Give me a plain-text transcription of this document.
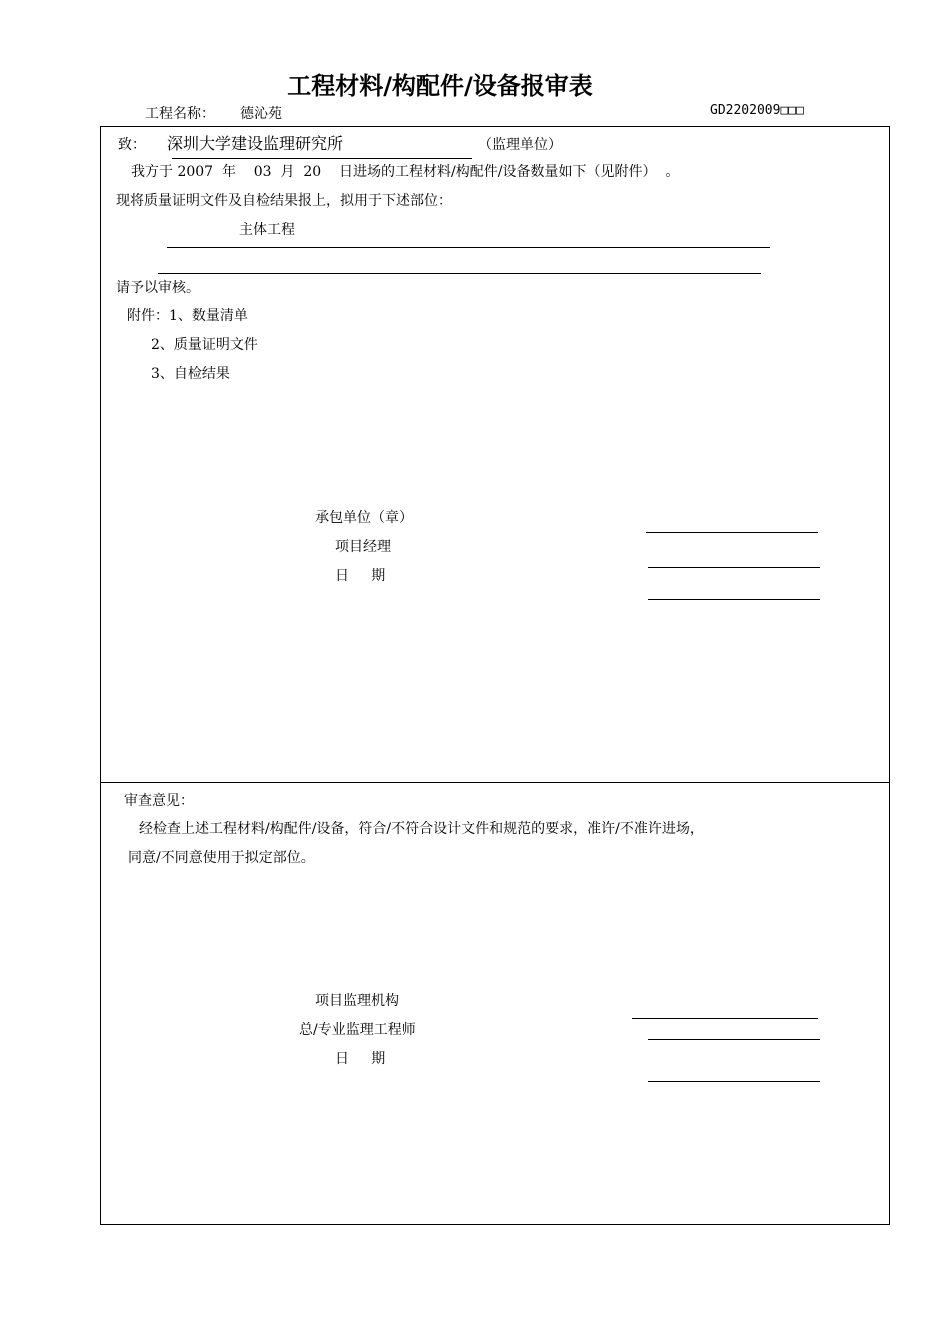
工程材料/构配件/设备报审表
工程名称： 德沁苑	GD2202009□□□
致： 深圳大学建设监理研究所	（监理单位）
我方于 2007  年    03  月  20    日进场的工程材料/构配件/设备数量如下（见附件）  。
现将质量证明文件及自检结果报上，拟用于下述部位：
主体工程
请予以审核。
附件：1、数量清单
2、质量证明文件
3、自检结果
承包单位（章）
项目经理
日     期
审查意见：
经检查上述工程材料/构配件/设备，符合/不符合设计文件和规范的要求，准许/不准许进场，
同意/不同意使用于拟定部位。
项目监理机构
总/专业监理工程师
日     期
